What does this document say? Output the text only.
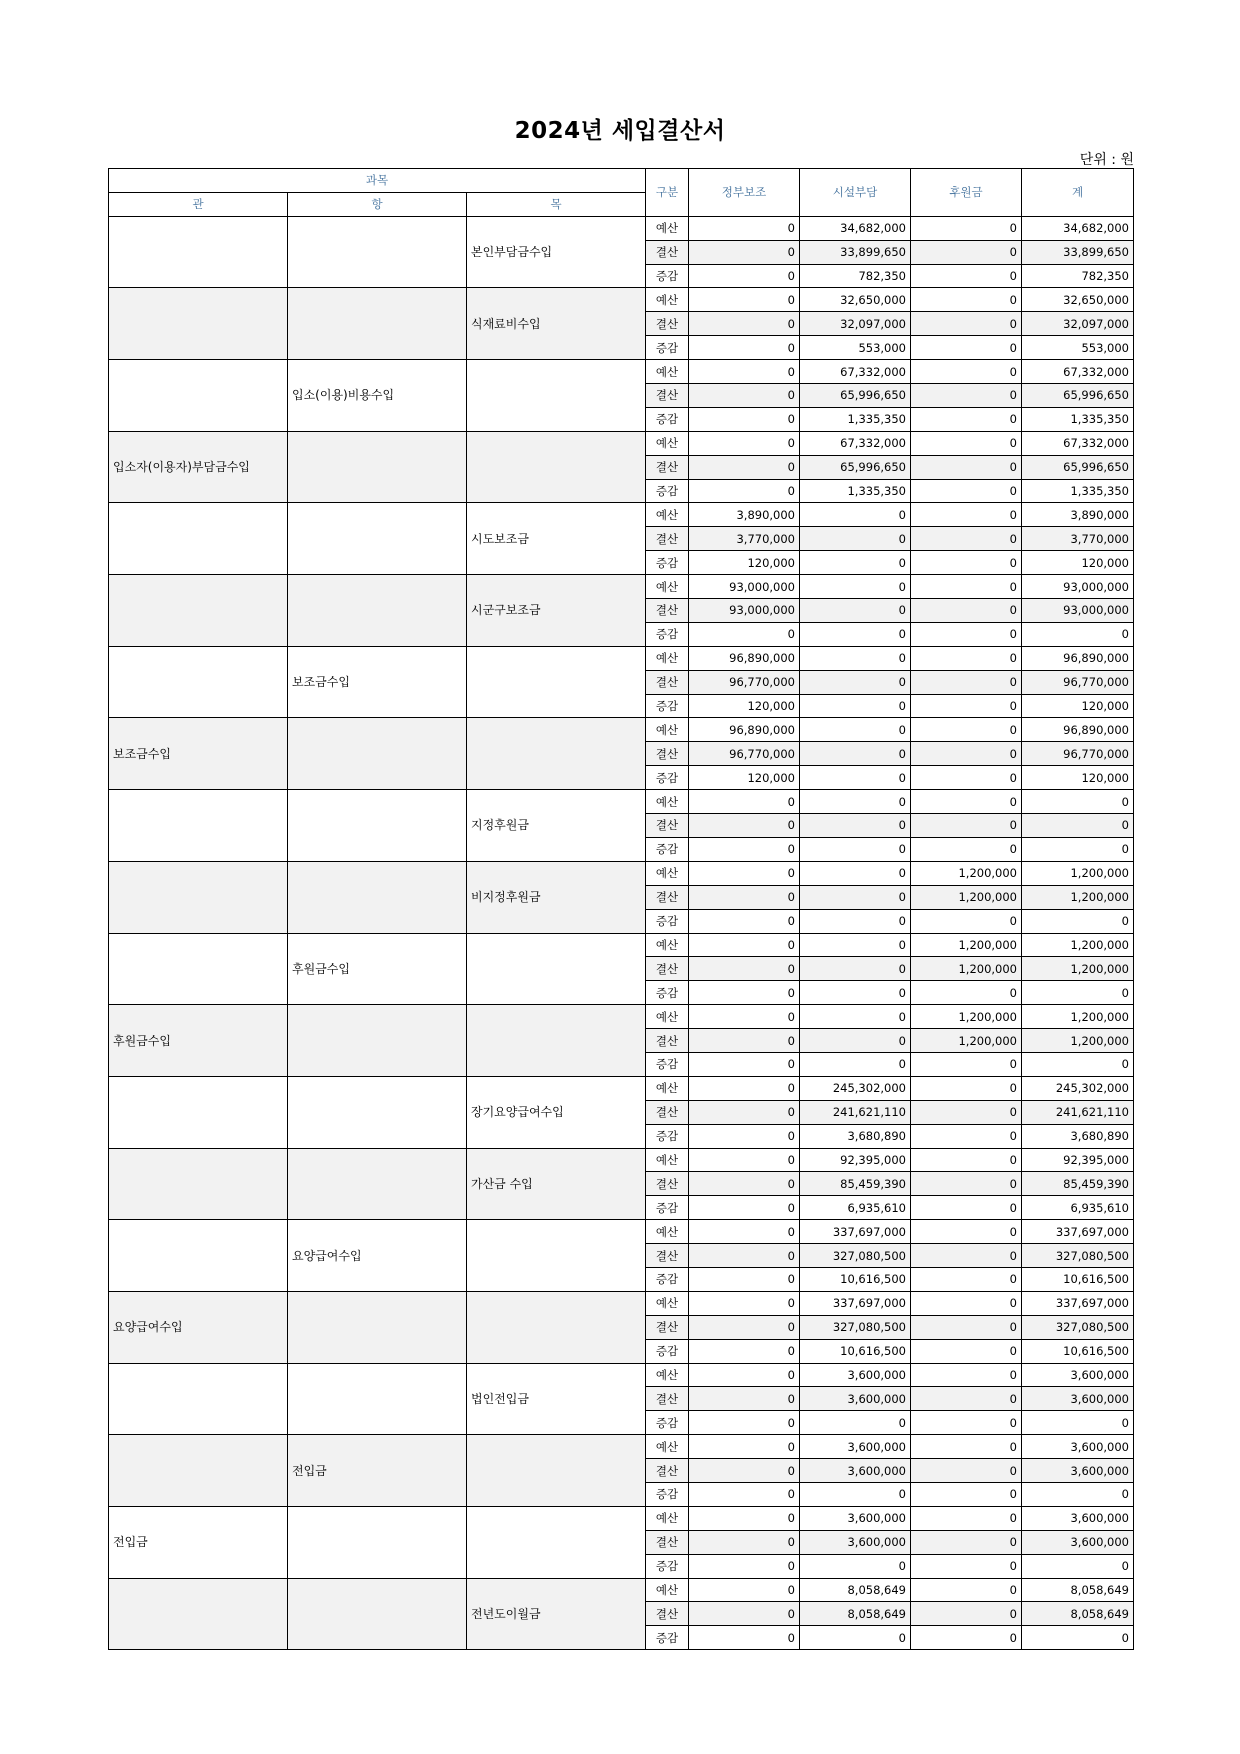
2024년 세입결산서
단위 : 원
과목			구분	정부보조	시설부담	후원금	계
관	항	목					
		본인부담금수입	예산	0	34,682,000	0	34,682,000
			결산	0	33,899,650	0	33,899,650
			증감	0	782,350	0	782,350
		식재료비수입	예산	0	32,650,000	0	32,650,000
			결산	0	32,097,000	0	32,097,000
			증감	0	553,000	0	553,000
	입소(이용)비용수입		예산	0	67,332,000	0	67,332,000
			결산	0	65,996,650	0	65,996,650
			증감	0	1,335,350	0	1,335,350
입소자(이용자)부담금수입			예산	0	67,332,000	0	67,332,000
			결산	0	65,996,650	0	65,996,650
			증감	0	1,335,350	0	1,335,350
		시도보조금	예산	3,890,000	0	0	3,890,000
			결산	3,770,000	0	0	3,770,000
			증감	120,000	0	0	120,000
		시군구보조금	예산	93,000,000	0	0	93,000,000
			결산	93,000,000	0	0	93,000,000
			증감	0	0	0	0
	보조금수입		예산	96,890,000	0	0	96,890,000
			결산	96,770,000	0	0	96,770,000
			증감	120,000	0	0	120,000
보조금수입			예산	96,890,000	0	0	96,890,000
			결산	96,770,000	0	0	96,770,000
			증감	120,000	0	0	120,000
		지정후원금	예산	0	0	0	0
			결산	0	0	0	0
			증감	0	0	0	0
		비지정후원금	예산	0	0	1,200,000	1,200,000
			결산	0	0	1,200,000	1,200,000
			증감	0	0	0	0
	후원금수입		예산	0	0	1,200,000	1,200,000
			결산	0	0	1,200,000	1,200,000
			증감	0	0	0	0
후원금수입			예산	0	0	1,200,000	1,200,000
			결산	0	0	1,200,000	1,200,000
			증감	0	0	0	0
		장기요양급여수입	예산	0	245,302,000	0	245,302,000
			결산	0	241,621,110	0	241,621,110
			증감	0	3,680,890	0	3,680,890
		가산금 수입	예산	0	92,395,000	0	92,395,000
			결산	0	85,459,390	0	85,459,390
			증감	0	6,935,610	0	6,935,610
	요양급여수입		예산	0	337,697,000	0	337,697,000
			결산	0	327,080,500	0	327,080,500
			증감	0	10,616,500	0	10,616,500
요양급여수입			예산	0	337,697,000	0	337,697,000
			결산	0	327,080,500	0	327,080,500
			증감	0	10,616,500	0	10,616,500
		법인전입금	예산	0	3,600,000	0	3,600,000
			결산	0	3,600,000	0	3,600,000
			증감	0	0	0	0
	전입금		예산	0	3,600,000	0	3,600,000
			결산	0	3,600,000	0	3,600,000
			증감	0	0	0	0
전입금			예산	0	3,600,000	0	3,600,000
			결산	0	3,600,000	0	3,600,000
			증감	0	0	0	0
		전년도이월금	예산	0	8,058,649	0	8,058,649
			결산	0	8,058,649	0	8,058,649
			증감	0	0	0	0
